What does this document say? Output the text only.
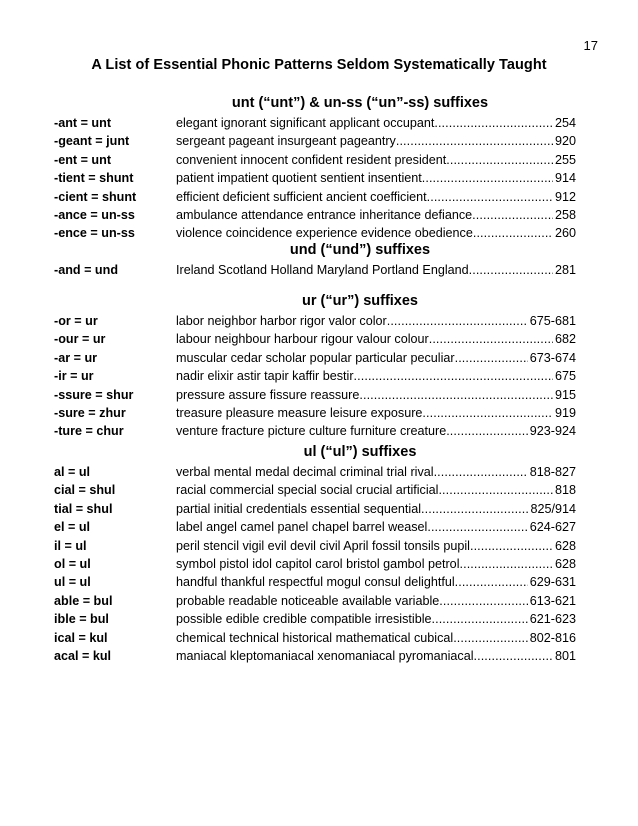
17
A List of Essential Phonic Patterns Seldom Systematically Taught
unt (“unt”) & un-ss (“un”-ss) suffixes
-ant = unt	elegant ignorant significant applicant occupant . . .	254
-geant = junt	sergeant pageant insurgeant pageantry . . .	920
-ent = unt	convenient innocent confident resident president . . .	255
-tient = shunt	patient impatient quotient sentient insentient . . .	914
-cient = shunt	efficient deficient sufficient ancient coefficient . . .	912
-ance = un-ss	ambulance attendance entrance inheritance defiance . . .	258
-ence = un-ss	violence coincidence experience evidence obedience . . .	260
und (“und”) suffixes
-and = und	Ireland Scotland Holland Maryland Portland England . . .	281
ur (“ur”) suffixes
-or = ur	labor neighbor harbor rigor valor color . . .	675-681
-our = ur	labour neighbour harbour rigour valour colour . . .	682
-ar = ur	muscular cedar scholar popular particular peculiar . . .	673-674
-ir = ur	nadir elixir astir tapir kaffir bestir . . .	675
-ssure = shur	pressure assure fissure reassure . . .	915
-sure = zhur	treasure pleasure measure leisure exposure . . .	919
-ture = chur	venture fracture picture culture furniture creature . . .	923-924
ul (“ul”) suffixes
al = ul	verbal mental medal decimal criminal trial rival . . .	818-827
cial = shul	racial commercial special social crucial artificial . . .	818
tial = shul	partial initial credentials essential sequential . . .	825/914
el = ul	label angel camel panel chapel barrel weasel . . .	624-627
il = ul	peril stencil vigil evil devil civil April fossil tonsils pupil . . .	628
ol = ul	symbol pistol idol capitol carol bristol gambol petrol . . .	628
ul = ul	handful thankful respectful mogul consul delightful . . .	629-631
able = bul	probable readable noticeable available variable . . .	613-621
ible = bul	possible edible credible compatible irresistible . . .	621-623
ical = kul	chemical technical historical mathematical cubical . . .	802-816
acal = kul	maniacal kleptomaniacal xenomaniacal pyromaniacal . . .	801
